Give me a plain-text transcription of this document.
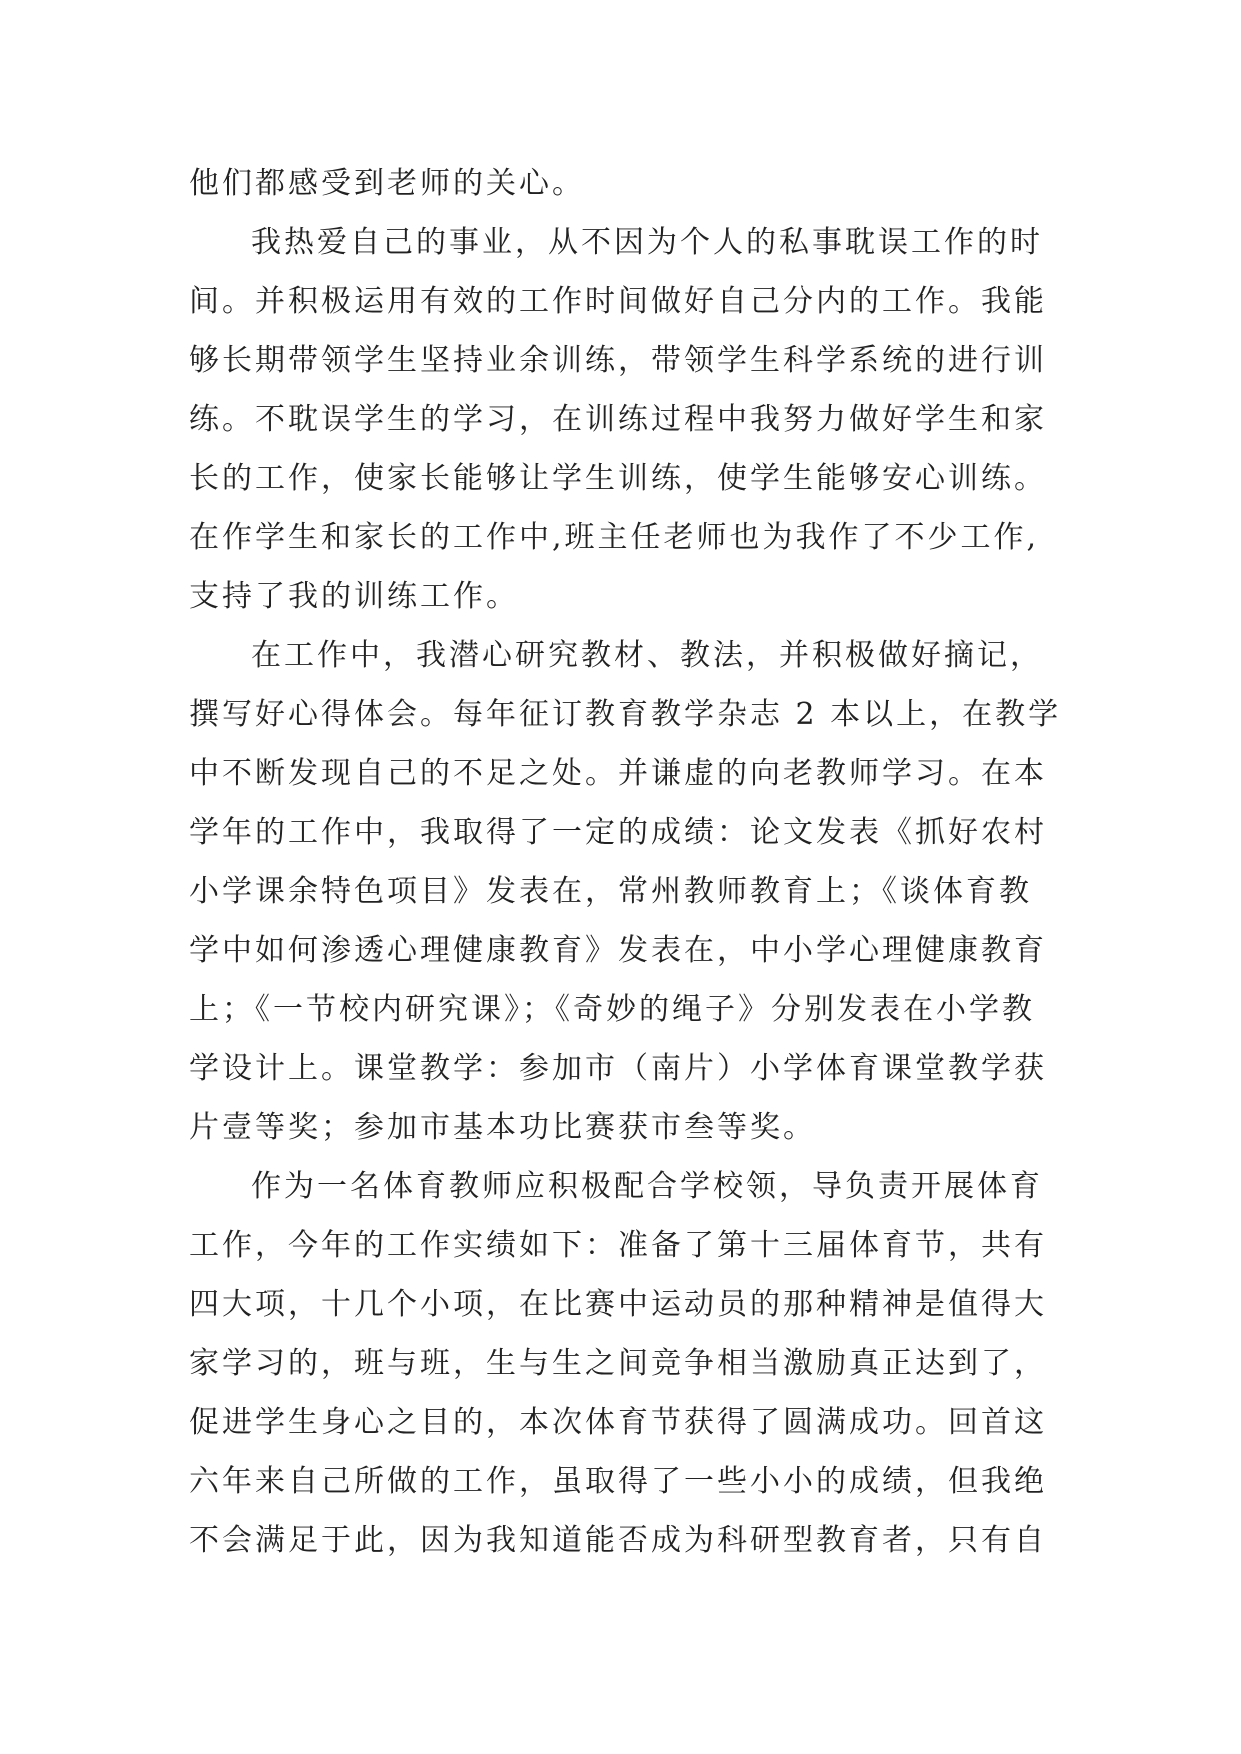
他们都感受到老师的关心。
我热爱自己的事业，从不因为个人的私事耽误工作的时
间。并积极运用有效的工作时间做好自己分内的工作。我能
够长期带领学生坚持业余训练，带领学生科学系统的进行训
练。不耽误学生的学习，在训练过程中我努力做好学生和家
长的工作，使家长能够让学生训练，使学生能够安心训练。
在作学生和家长的工作中,班主任老师也为我作了不少工作,
支持了我的训练工作。
在工作中，我潜心研究教材、教法，并积极做好摘记，
撰写好心得体会。每年征订教育教学杂志 2 本以上，在教学
中不断发现自己的不足之处。并谦虚的向老教师学习。在本
学年的工作中，我取得了一定的成绩：论文发表《抓好农村
小学课余特色项目》发表在，常州教师教育上；《谈体育教
学中如何渗透心理健康教育》发表在，中小学心理健康教育
上；《一节校内研究课》；《奇妙的绳子》分别发表在小学教
学设计上。课堂教学：参加市（南片）小学体育课堂教学获
片壹等奖；参加市基本功比赛获市叁等奖。
作为一名体育教师应积极配合学校领，导负责开展体育
工作，今年的工作实绩如下：准备了第十三届体育节，共有
四大项，十几个小项，在比赛中运动员的那种精神是值得大
家学习的，班与班，生与生之间竞争相当激励真正达到了，
促进学生身心之目的，本次体育节获得了圆满成功。回首这
六年来自己所做的工作，虽取得了一些小小的成绩，但我绝
不会满足于此，因为我知道能否成为科研型教育者，只有自
